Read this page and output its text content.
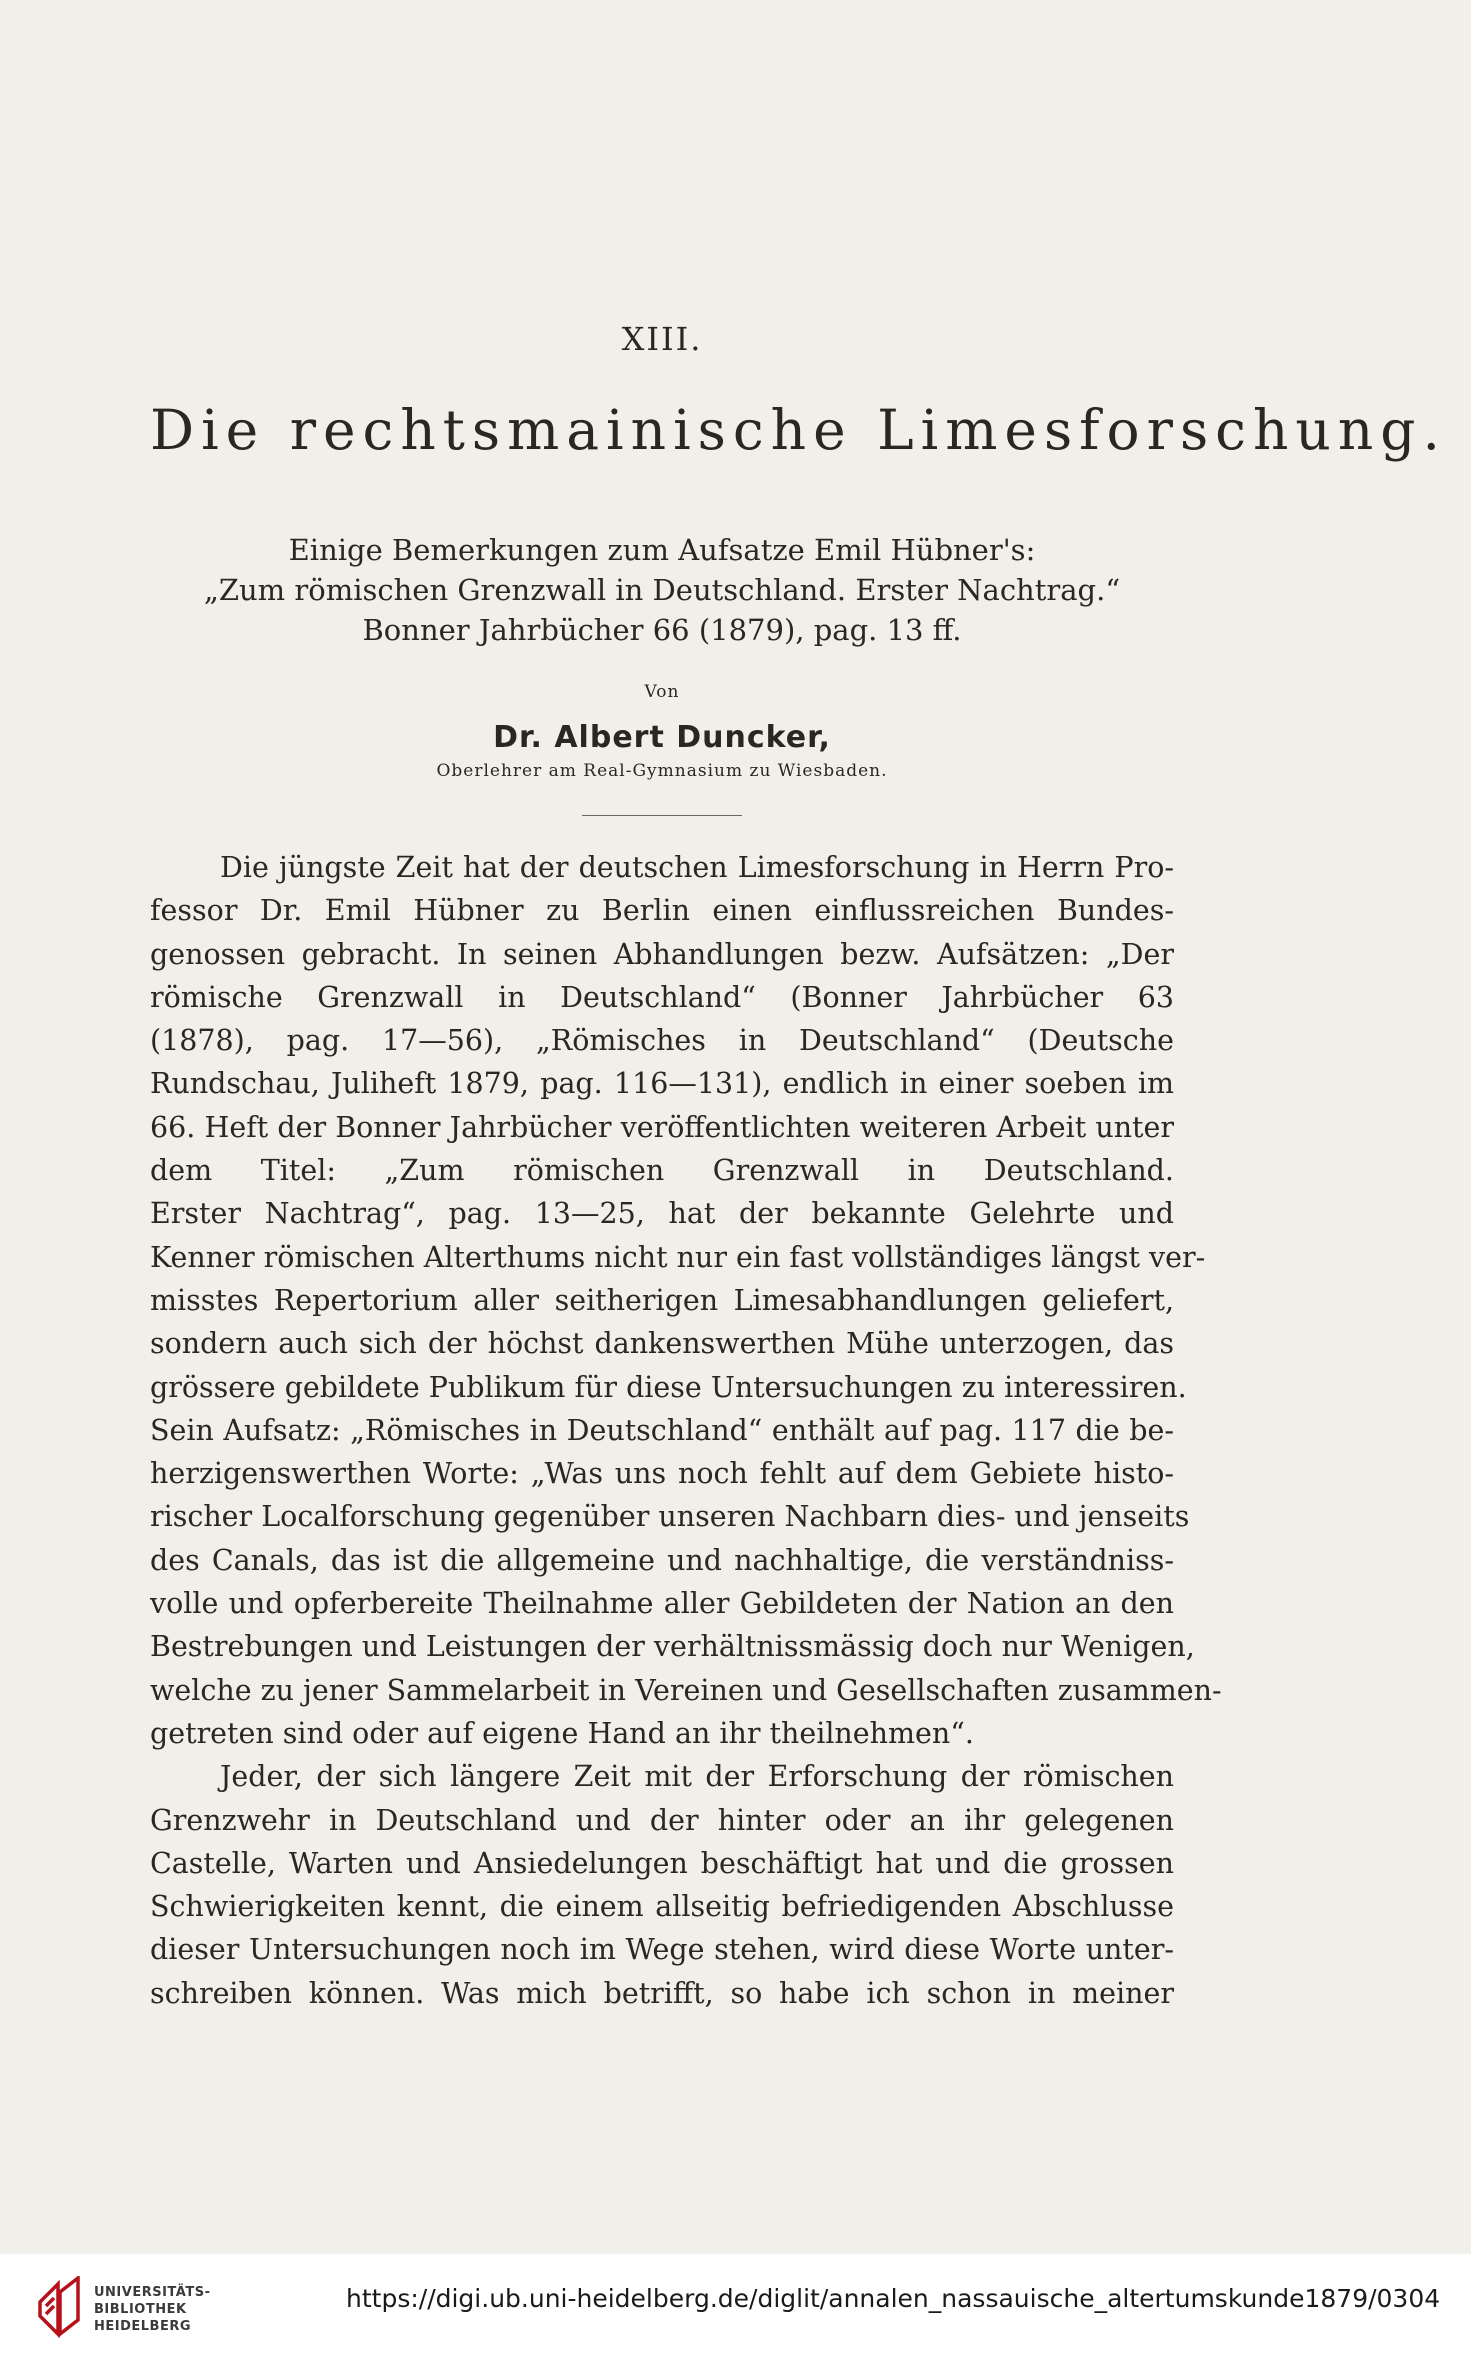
XIII.
Die rechtsmainische Limesforschung.
Einige Bemerkungen zum Aufsatze Emil Hübner's:
„Zum römischen Grenzwall in Deutschland. Erster Nachtrag.“
Bonner Jahrbücher 66 (1879), pag. 13 ff.
Von
Dr. Albert Duncker,
Oberlehrer am Real-Gymnasium zu Wiesbaden.
Die jüngste Zeit hat der deutschen Limesforschung in Herrn Pro-
fessor Dr. Emil Hübner zu Berlin einen einflussreichen Bundes-
genossen gebracht. In seinen Abhandlungen bezw. Aufsätzen: „Der
römische Grenzwall in Deutschland“ (Bonner Jahrbücher 63
(1878), pag. 17—56), „Römisches in Deutschland“ (Deutsche
Rundschau, Juliheft 1879, pag. 116—131), endlich in einer soeben im
66. Heft der Bonner Jahrbücher veröffentlichten weiteren Arbeit unter
dem Titel: „Zum römischen Grenzwall in Deutschland.
Erster Nachtrag“, pag. 13—25, hat der bekannte Gelehrte und
Kenner römischen Alterthums nicht nur ein fast vollständiges längst ver-
misstes Repertorium aller seitherigen Limesabhandlungen geliefert,
sondern auch sich der höchst dankenswerthen Mühe unterzogen, das
grössere gebildete Publikum für diese Untersuchungen zu interessiren.
Sein Aufsatz: „Römisches in Deutschland“ enthält auf pag. 117 die be-
herzigenswerthen Worte: „Was uns noch fehlt auf dem Gebiete histo-
rischer Localforschung gegenüber unseren Nachbarn dies- und jenseits
des Canals, das ist die allgemeine und nachhaltige, die verständniss-
volle und opferbereite Theilnahme aller Gebildeten der Nation an den
Bestrebungen und Leistungen der verhältnissmässig doch nur Wenigen,
welche zu jener Sammelarbeit in Vereinen und Gesellschaften zusammen-
getreten sind oder auf eigene Hand an ihr theilnehmen“.
Jeder, der sich längere Zeit mit der Erforschung der römischen
Grenzwehr in Deutschland und der hinter oder an ihr gelegenen
Castelle, Warten und Ansiedelungen beschäftigt hat und die grossen
Schwierigkeiten kennt, die einem allseitig befriedigenden Abschlusse
dieser Untersuchungen noch im Wege stehen, wird diese Worte unter-
schreiben können. Was mich betrifft, so habe ich schon in meiner
UNIVERSITÄTS-
BIBLIOTHEK
HEIDELBERG
https://digi.ub.uni-heidelberg.de/diglit/annalen_nassauische_altertumskunde1879/0304
